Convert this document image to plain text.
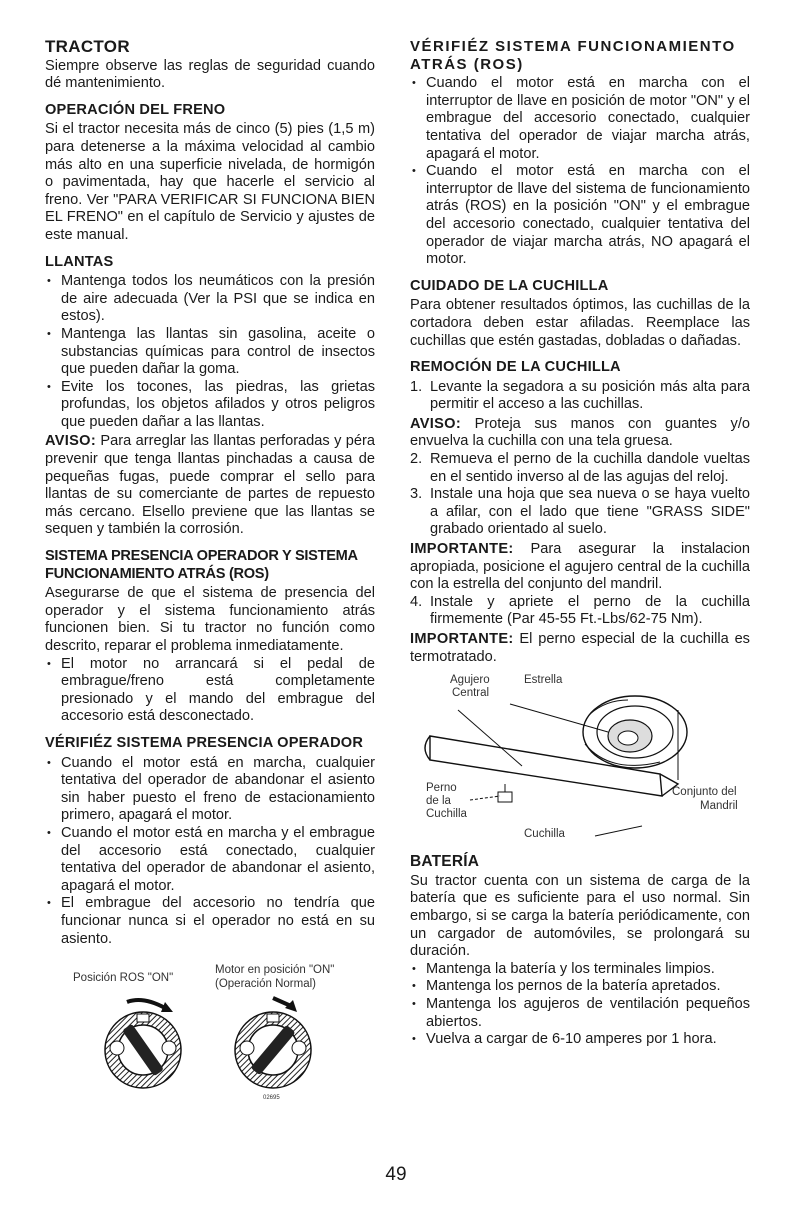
TRACTOR

Siempre observe las reglas de seguridad cuando dé mantenimiento.

OPERACIÓN DEL FRENO

Si el tractor necesita más de cinco (5) pies (1,5 m) para detenerse a la máxima velocidad al cambio más alto en una superficie nivelada, de hormigón o pavimentada, hay que hacerle el servicio al freno. Ver "PARA VERIFICAR SI FUNCIONA BIEN EL FRENO" en el capítulo de Servicio y ajustes de este manual.

LLANTAS
• Mantenga todos los neumáticos con la presión de aire adecuada (Ver la PSI que se indica en estos).
• Mantenga las llantas sin gasolina, aceite o substancias químicas para control de insectos que pueden dañar la goma.
• Evite los tocones, las piedras, las grietas profundas, los objetos afilados y otros peligros que pueden dañar a las llantas.

AVISO: Para arreglar las llantas perforadas y péra prevenir que tenga llantas pinchadas a causa de pequeñas fugas, puede comprar el sello para llantas de su comerciante de partes de repuesto más cercano. Elsello previene que las llantas se sequen y también la corrosión.

SISTEMA PRESENCIA OPERADOR Y SISTEMA FUNCIONAMIENTO ATRÁS (ROS)

Asegurarse de que el sistema de presencia del operador y el sistema funcionamiento atrás funcionen bien. Si tu tractor no función como descrito, reparar el problema inmediatamente.

• El motor no arrancará si el pedal de embrague/freno está completamente presionado y el mando del embrague del accesorio está desconectado.
VÉRIFIÉZ SISTEMA PRESENCIA OPERADOR
• Cuando el motor está en marcha, cualquier tentativa del operador de abandonar el asiento sin haber puesto el freno de estacionamiento primero, apagará el motor.
• Cuando el motor está en marcha y el embrague del accesorio está conectado, cualquier tentativa del operador de abandonar el asiento, apagará el motor.
• El embrague del accesorio no tendría que funcionar nunca si el operador no está en su asiento.
Posición ROS "ON"
Motor en posición "ON"
(Operación Normal)
02695
VÉRIFIÉZ SISTEMA FUNCIONAMIENTO ATRÁS (ROS)
• Cuando el motor está en marcha con el interruptor de llave en posición de motor "ON" y el embrague del accesorio conectado, cualquier tentativa del operador de viajar marcha atrás, apagará el motor.
• Cuando el motor está en marcha con el interruptor de llave del sistema de funcionamiento atrás (ROS) en la posición "ON" y el embrague del accesorio conectado, cualquier tentativa del operador de viajar marcha atrás, NO apagará el motor.
CUIDADO DE LA CUCHILLA

Para obtener resultados óptimos, las cuchillas de la cortadora deben estar afiladas. Reemplace las cuchillas que estén gastadas, dobladas o dañadas.

REMOCIÓN DE LA CUCHILLA
1. Levante la segadora a su posición más alta para permitir el acceso a las cuchillas.

AVISO: Proteja sus manos con guantes y/o envuelva la cuchilla con una tela gruesa.

2. Remueva el perno de la cuchilla dandole vueltas en el sentido inverso al de las agujas del reloj.
3. Instale una hoja que sea nueva o se haya vuelto a afilar, con el lado que tiene "GRASS SIDE" grabado orientado al suelo.

IMPORTANTE: Para asegurar la instalacion apropiada, posicione el agujero central de la cuchilla con la estrella del conjunto del mandril.

4. Instale y apriete el perno de la cuchilla firmemente (Par 45-55 Ft.-Lbs/62-75 Nm).

IMPORTANTE: El perno especial de la cuchilla es termotratado.

Agujero
Central
Estrella
Perno
de la
Cuchilla
Conjunto del
Mandril
Cuchilla
BATERÍA

Su tractor cuenta con un sistema de carga de la batería que es suficiente para el uso normal. Sin embargo, si se carga la batería periódicamente, con un cargador de automóviles, se prolongará su duración.

• Mantenga la batería y los terminales limpios.
• Mantenga los pernos de la batería apretados.
• Mantenga los agujeros de ventilación pequeños abiertos.
• Vuelva a cargar de 6-10 amperes por 1 hora.
49
